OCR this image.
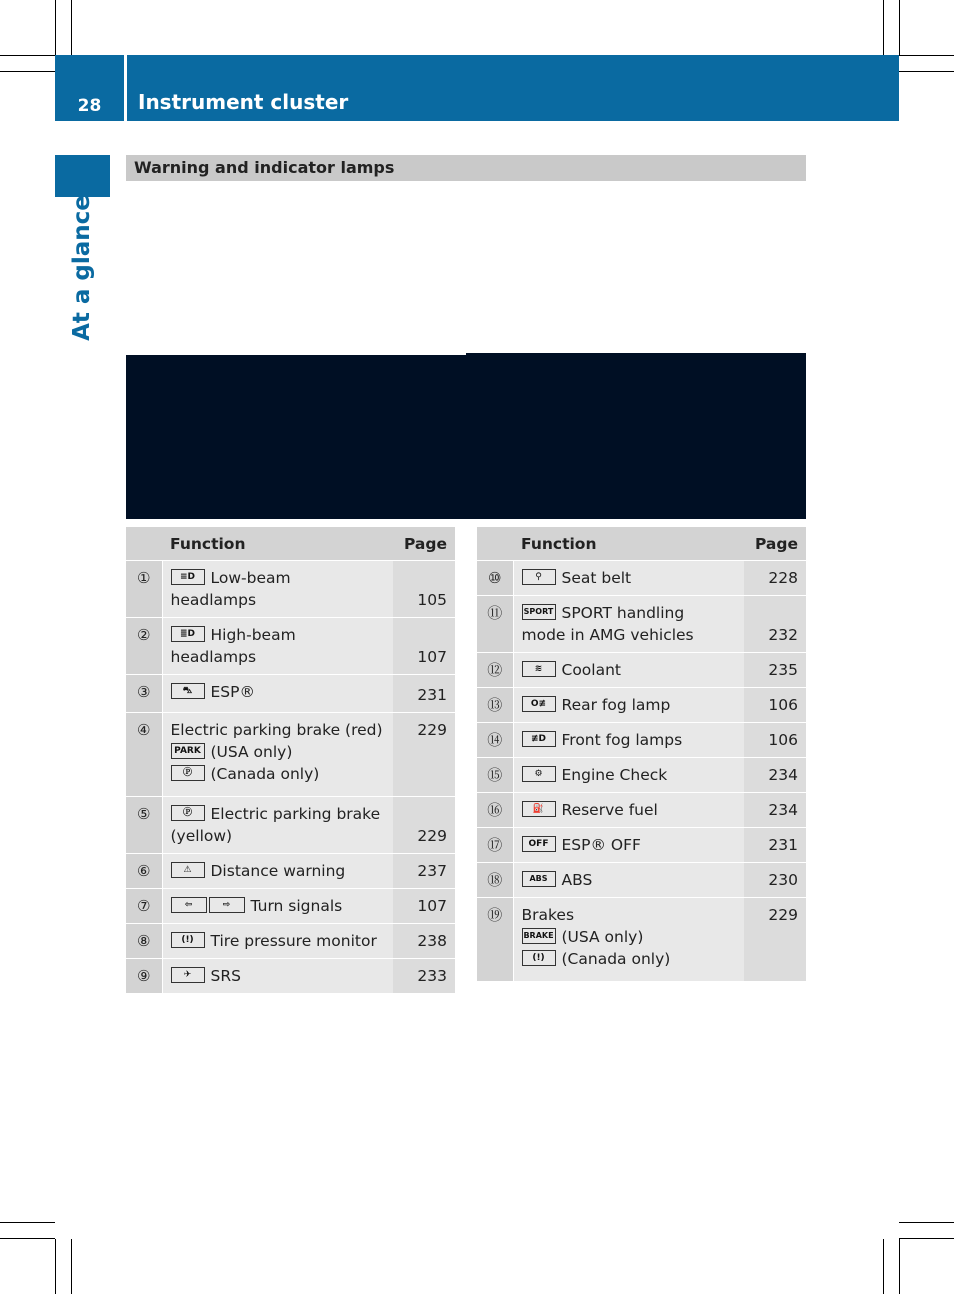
28	Instrument cluster
At a glance
Warning and indicator lamps
	Function	Page
①	≡D Low-beam
headlamps	105
②	≣D High-beam
headlamps	107
③	⛍ ESP®	231
④	Electric parking brake (red)
PARK (USA only)
Ⓟ (Canada only)	229
⑤	Ⓟ Electric parking brake
(yellow)	229
⑥	⚠ Distance warning	237
⑦	⇦ ⇨ Turn signals	107
⑧	(!) Tire pressure monitor	238
⑨	✈ SRS	233
	Function	Page
⑩	⚲ Seat belt	228
⑪	SPORT SPORT handling
mode in AMG vehicles	232
⑫	≋ Coolant	235
⑬	O≢ Rear fog lamp	106
⑭	≢D Front fog lamps	106
⑮	⚙ Engine Check	234
⑯	⛽ Reserve fuel	234
⑰	OFF ESP® OFF	231
⑱	ABS ABS	230
⑲	Brakes
BRAKE (USA only)
(!) (Canada only)	229
